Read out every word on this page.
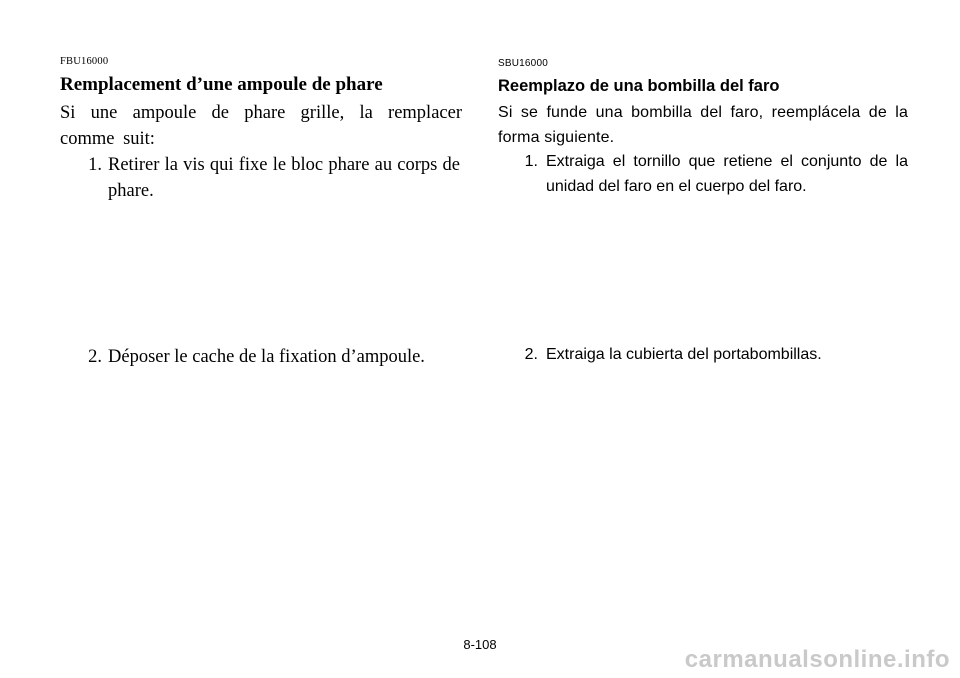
FBU16000
Remplacement d’une ampoule de phare
Si une ampoule de phare grille, la remplacer comme suit:
1. Retirer la vis qui fixe le bloc phare au corps de phare.
2. Déposer le cache de la fixation d’ampoule.
SBU16000
Reemplazo de una bombilla del faro
Si se funde una bombilla del faro, reemplácela de la forma siguiente.
1. Extraiga el tornillo que retiene el conjunto de la unidad del faro en el cuerpo del faro.
2. Extraiga la cubierta del portabombillas.
8-108
carmanualsonline.info
